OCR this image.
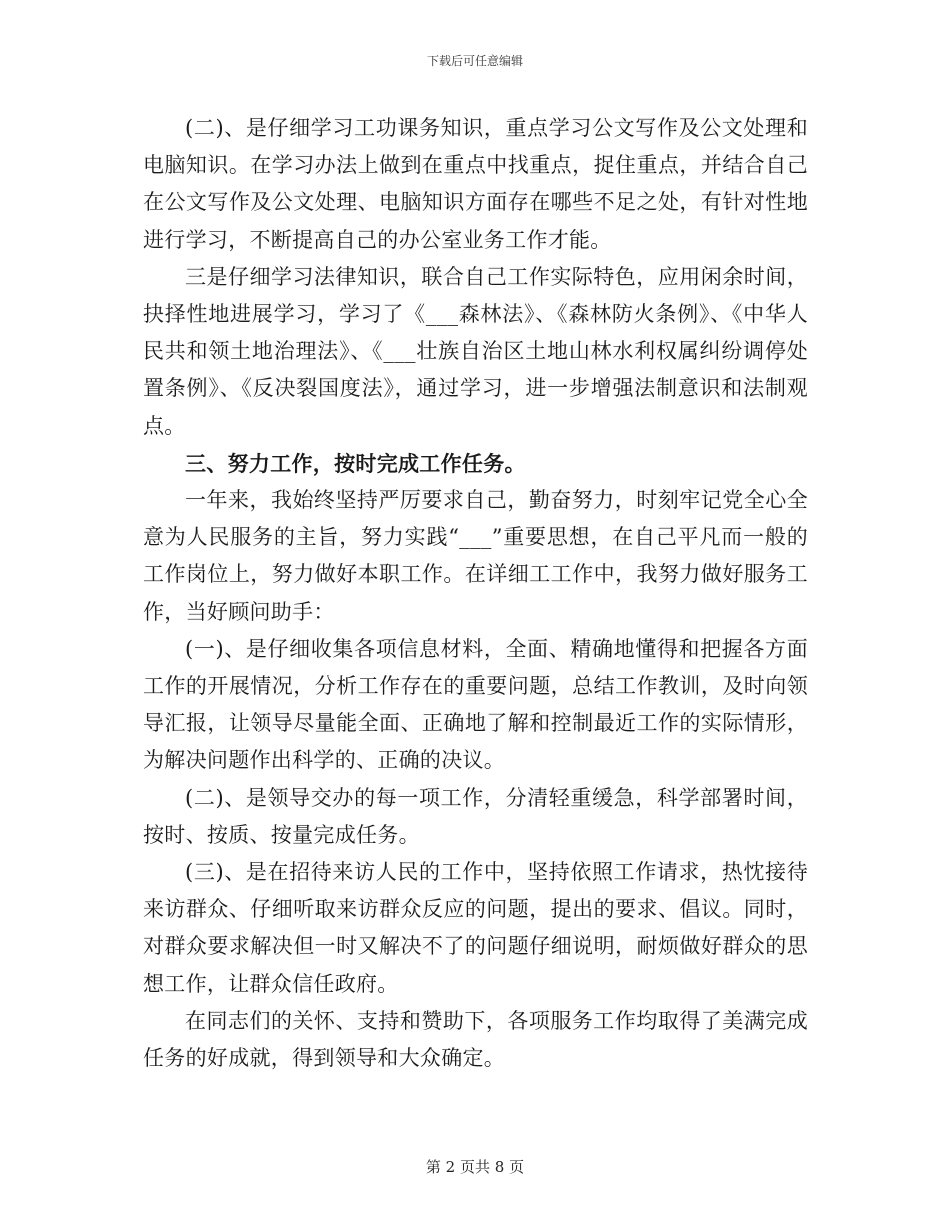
下载后可任意编辑

(二)、是仔细学习工功课务知识，重点学习公文写作及公文处理和电脑知识。在学习办法上做到在重点中找重点，捉住重点，并结合自己在公文写作及公文处理、电脑知识方面存在哪些不足之处，有针对性地进行学习，不断提高自己的办公室业务工作才能。

三是仔细学习法律知识，联合自己工作实际特色，应用闲余时间，抉择性地进展学习，学习了《___森林法》、《森林防火条例》、《中华人民共和领土地治理法》、《___壮族自治区土地山林水利权属纠纷调停处置条例》、《反决裂国度法》，通过学习，进一步增强法制意识和法制观点。

三、努力工作，按时完成工作任务。

一年来，我始终坚持严厉要求自己，勤奋努力，时刻牢记党全心全意为人民服务的主旨，努力实践“___”重要思想，在自己平凡而一般的工作岗位上，努力做好本职工作。在详细工工作中，我努力做好服务工作，当好顾问助手：

(一)、是仔细收集各项信息材料，全面、精确地懂得和把握各方面工作的开展情况，分析工作存在的重要问题，总结工作教训，及时向领导汇报，让领导尽量能全面、正确地了解和控制最近工作的实际情形，为解决问题作出科学的、正确的决议。

(二)、是领导交办的每一项工作，分清轻重缓急，科学部署时间，按时、按质、按量完成任务。

(三)、是在招待来访人民的工作中，坚持依照工作请求，热忱接待来访群众、仔细听取来访群众反应的问题，提出的要求、倡议。同时，对群众要求解决但一时又解决不了的问题仔细说明，耐烦做好群众的思想工作，让群众信任政府。

在同志们的关怀、支持和赞助下，各项服务工作均取得了美满完成任务的好成就，得到领导和大众确定。

第 2 页共 8 页
